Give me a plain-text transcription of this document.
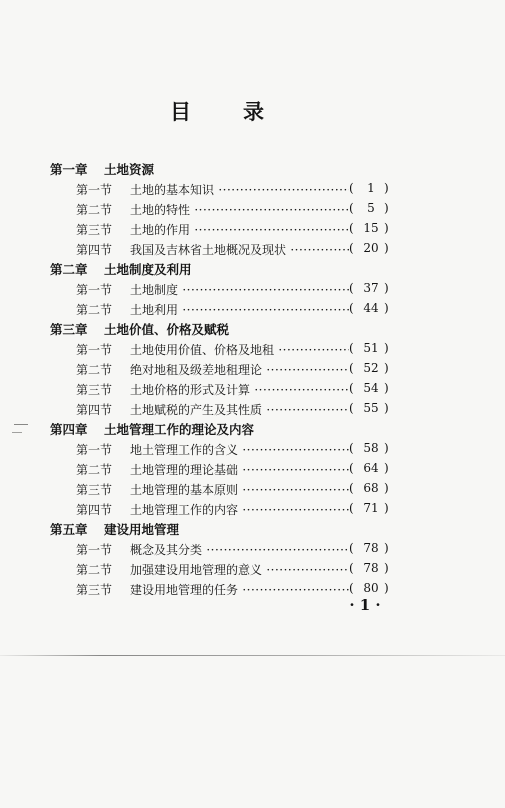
目 录
第一章 土地资源
第一节 土地的基本知识 ·····	(	1 )
第二节 土地的特性 ·····	(	5 )
第三节 土地的作用 ·····	( 15 )
第四节 我国及吉林省土地概况及现状 ·····	( 20 )
第二章 土地制度及利用
第一节 土地制度 ·····	( 37 )
第二节 土地利用 ·····	( 44 )
第三章 土地价值、价格及赋税
第一节 土地使用价值、价格及地租 ·····	( 51 )
第二节 绝对地租及级差地租理论 ·····	( 52 )
第三节 土地价格的形式及计算 ·····	( 54 )
第四节 土地赋税的产生及其性质 ·····	( 55 )
第四章 土地管理工作的理论及内容
第一节 地土管理工作的含义 ·····	( 58 )
第二节 土地管理的理论基础 ·····	( 64 )
第三节 土地管理的基本原则 ·····	( 68 )
第四节 土地管理工作的内容 ·····	( 71 )
第五章 建设用地管理
第一节 概念及其分类 ·····	( 78 )
第二节 加强建设用地管理的意义 ·····	( 78 )
第三节 建设用地管理的任务 ·····	( 80 )
· 1 ·
